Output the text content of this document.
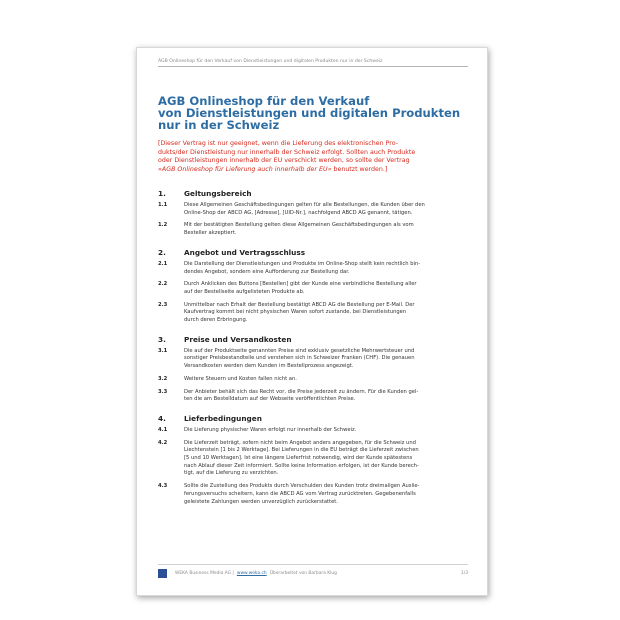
AGB Onlineshop für den Verkauf von Dienstleistungen und digitalen Produkten nur in der Schweiz
AGB Onlineshop für den Verkauf
von Dienstleistungen und digitalen Produkten
nur in der Schweiz
[Dieser Vertrag ist nur geeignet, wenn die Lieferung des elektronischen Pro-
dukts/der Dienstleistung nur innerhalb der Schweiz erfolgt. Sollten auch Produkte
oder Dienstleistungen innerhalb der EU verschickt werden, so sollte der Vertrag
«AGB Onlineshop für Lieferung auch innerhalb der EU» benutzt werden.]
1.	Geltungsbereich
1.1	Diese Allgemeinen Geschäftsbedingungen gelten für alle Bestellungen, die Kunden über den
Online-Shop der ABCD AG, [Adresse], [UID-Nr.], nachfolgend ABCD AG genannt, tätigen.
1.2	Mit der bestätigten Bestellung gelten diese Allgemeinen Geschäftsbedingungen als vom
Besteller akzeptiert.
2.	Angebot und Vertragsschluss
2.1	Die Darstellung der Dienstleistungen und Produkte im Online-Shop stellt kein rechtlich bin-
dendes Angebot, sondern eine Aufforderung zur Bestellung dar.
2.2	Durch Anklicken des Buttons [Bestellen] gibt der Kunde eine verbindliche Bestellung aller
auf der Bestellseite aufgelisteten Produkte ab.
2.3	Unmittelbar nach Erhalt der Bestellung bestätigt ABCD AG die Bestellung per E-Mail. Der
Kaufvertrag kommt bei nicht physischen Waren sofort zustande, bei Dienstleistungen
durch deren Erbringung.
3.	Preise und Versandkosten
3.1	Die auf der Produktseite genannten Preise sind exklusiv gesetzliche Mehrwertsteuer und
sonstiger Preisbestandteile und verstehen sich in Schweizer Franken (CHF). Die genauen
Versandkosten werden dem Kunden im Bestellprozess angezeigt.
3.2	Weitere Steuern und Kosten fallen nicht an.
3.3	Der Anbieter behält sich das Recht vor, die Preise jederzeit zu ändern. Für die Kunden gel-
ten die am Bestelldatum auf der Webseite veröffentlichten Preise.
4.	Lieferbedingungen
4.1	Die Lieferung physischer Waren erfolgt nur innerhalb der Schweiz.
4.2	Die Lieferzeit beträgt, sofern nicht beim Angebot anders angegeben, für die Schweiz und
Liechtenstein [1 bis 2 Werktage]. Bei Lieferungen in die EU beträgt die Lieferzeit zwischen
[5 und 10 Werktagen]. Ist eine längere Lieferfrist notwendig, wird der Kunde spätestens
nach Ablauf dieser Zeit informiert. Sollte keine Information erfolgen, ist der Kunde berech-
tigt, auf die Lieferung zu verzichten.
4.3	Sollte die Zustellung des Produkts durch Verschulden des Kunden trotz dreimaligen Auslie-
ferungsversuchs scheitern, kann die ABCD AG vom Vertrag zurücktreten. Gegebenenfalls
geleistete Zahlungen werden unverzüglich zurückerstattet.
WEKA Business Media AG | www.weka.ch Überarbeitet von Barbara Klug	1/3
